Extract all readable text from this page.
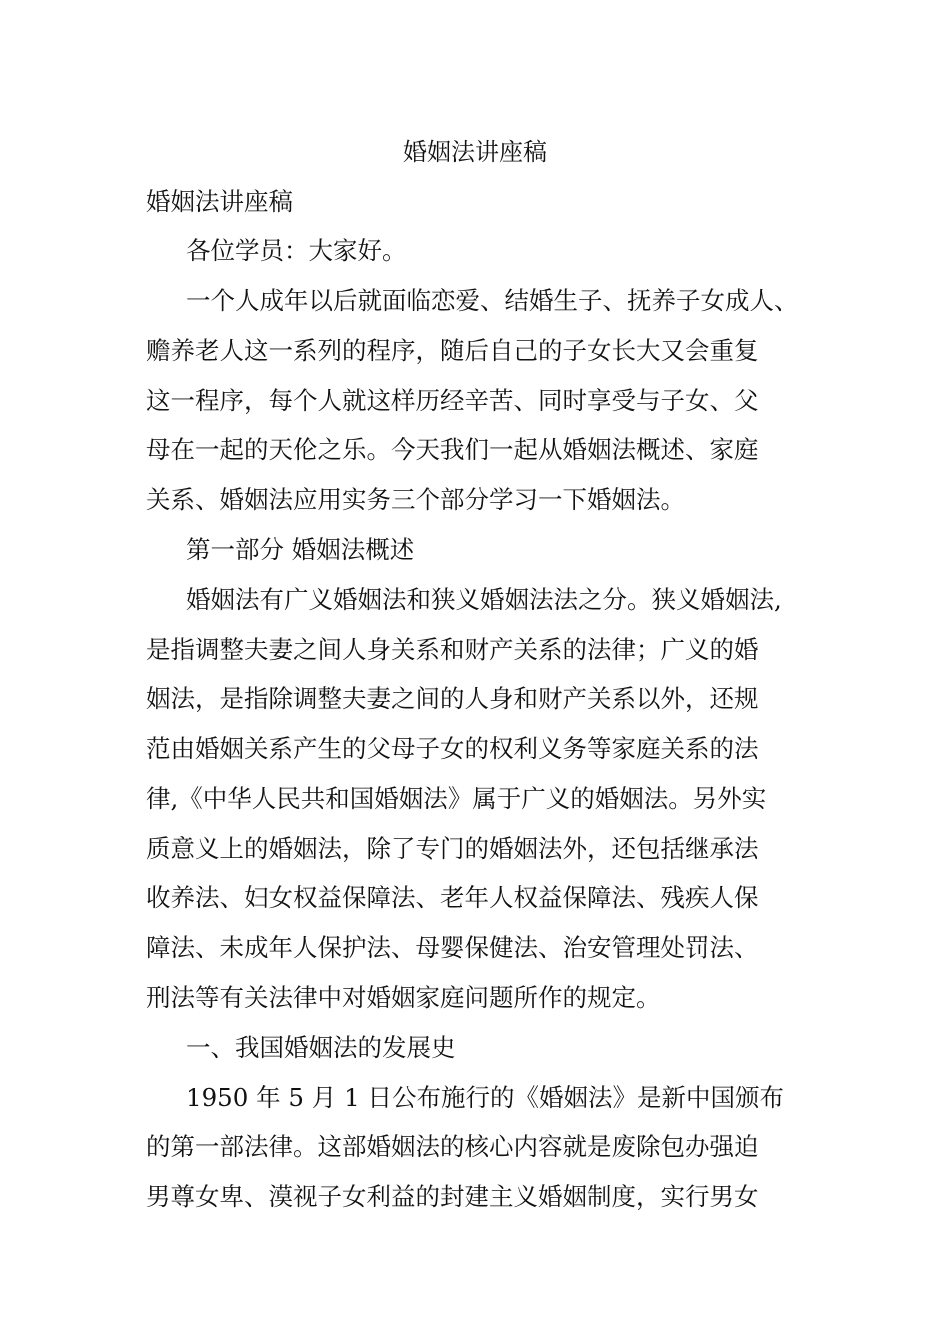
婚姻法讲座稿
婚姻法讲座稿
各位学员：大家好。
一个人成年以后就面临恋爱、结婚生子、抚养子女成人、
赡养老人这一系列的程序，随后自己的子女长大又会重复
这一程序，每个人就这样历经辛苦、同时享受与子女、父
母在一起的天伦之乐。今天我们一起从婚姻法概述、家庭
关系、婚姻法应用实务三个部分学习一下婚姻法。
第一部分 婚姻法概述
婚姻法有广义婚姻法和狭义婚姻法法之分。狭义婚姻法,
是指调整夫妻之间人身关系和财产关系的法律；广义的婚
姻法，是指除调整夫妻之间的人身和财产关系以外，还规
范由婚姻关系产生的父母子女的权利义务等家庭关系的法
律,《中华人民共和国婚姻法》属于广义的婚姻法。另外实
质意义上的婚姻法，除了专门的婚姻法外，还包括继承法
收养法、妇女权益保障法、老年人权益保障法、残疾人保
障法、未成年人保护法、母婴保健法、治安管理处罚法、
刑法等有关法律中对婚姻家庭问题所作的规定。
一、我国婚姻法的发展史
1950 年 5 月 1 日公布施行的《婚姻法》是新中国颁布
的第一部法律。这部婚姻法的核心内容就是废除包办强迫
男尊女卑、漠视子女利益的封建主义婚姻制度，实行男女
